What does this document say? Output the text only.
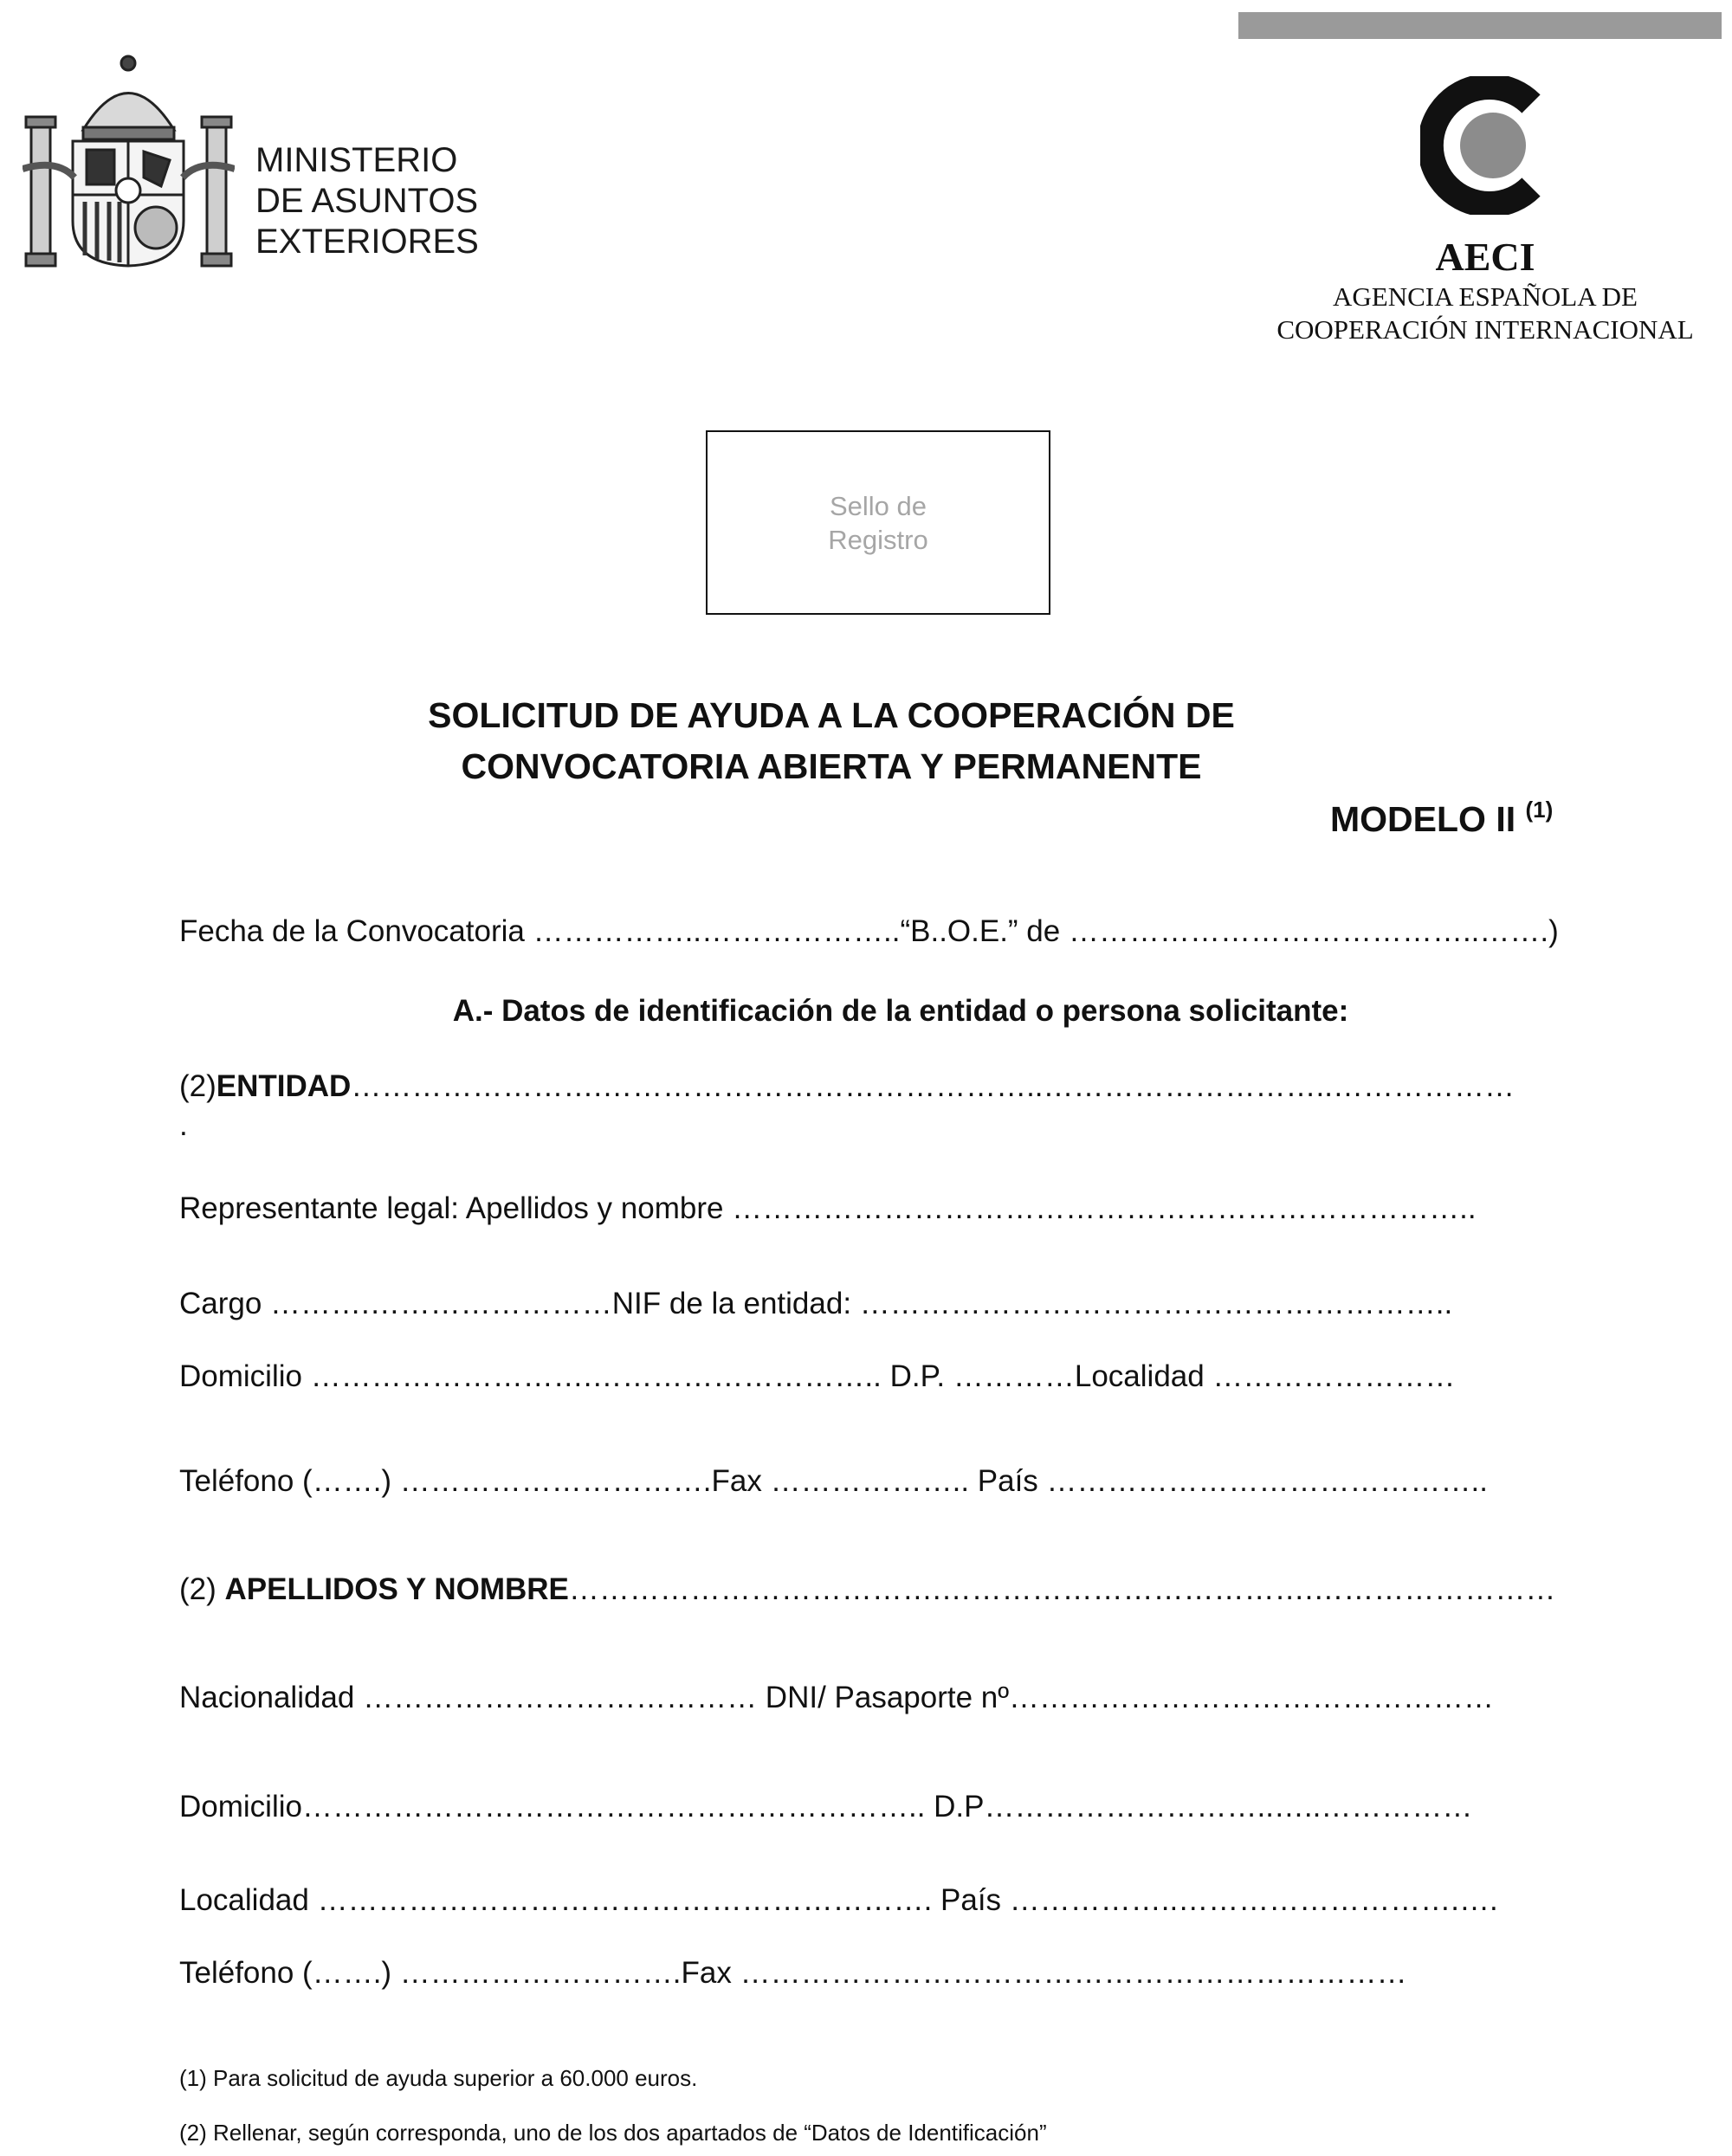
MINISTERIO
DE ASUNTOS
EXTERIORES	AECI
AGENCIA ESPAÑOLA DE
COOPERACIÓN INTERNACIONAL
Sello de
Registro
SOLICITUD DE AYUDA A LA COOPERACIÓN DE
CONVOCATORIA ABIERTA Y PERMANENTE
MODELO II $^{(1)}$
Fecha de la Convocatoria ……………..………………..“B..O.E.” de …………………………………..…….)
A.- Datos de identificación de la entidad o persona solicitante:
(2)ENTIDAD…………………….……………………………………..………………………..………………
.
Representante legal: Apellidos y nombre ………………………………………………………………..
Cargo ……….……………………NIF de la entidad: …………………………………………………..
Domicilio ……………………….……………………….. D.P. …………Localidad ……………………
Teléfono (…….) ………………………….Fax ……………….. País ……………………………………..
(2) APELLIDOS Y NOMBRE……………………………….……………………………….……………………
Nacionalidad ………………………………… DNI/ Pasaporte nº…………………………………………
Domicilio…………………………………………………….. D.P………………………..…..……………
Localidad ……………………………………………………. País ……………..……………………….….
Teléfono (…….) ……………………….Fax …………………………………………………………
(1) Para solicitud de ayuda superior a 60.000 euros.
(2) Rellenar, según corresponda, uno de los dos apartados de “Datos de Identificación”
